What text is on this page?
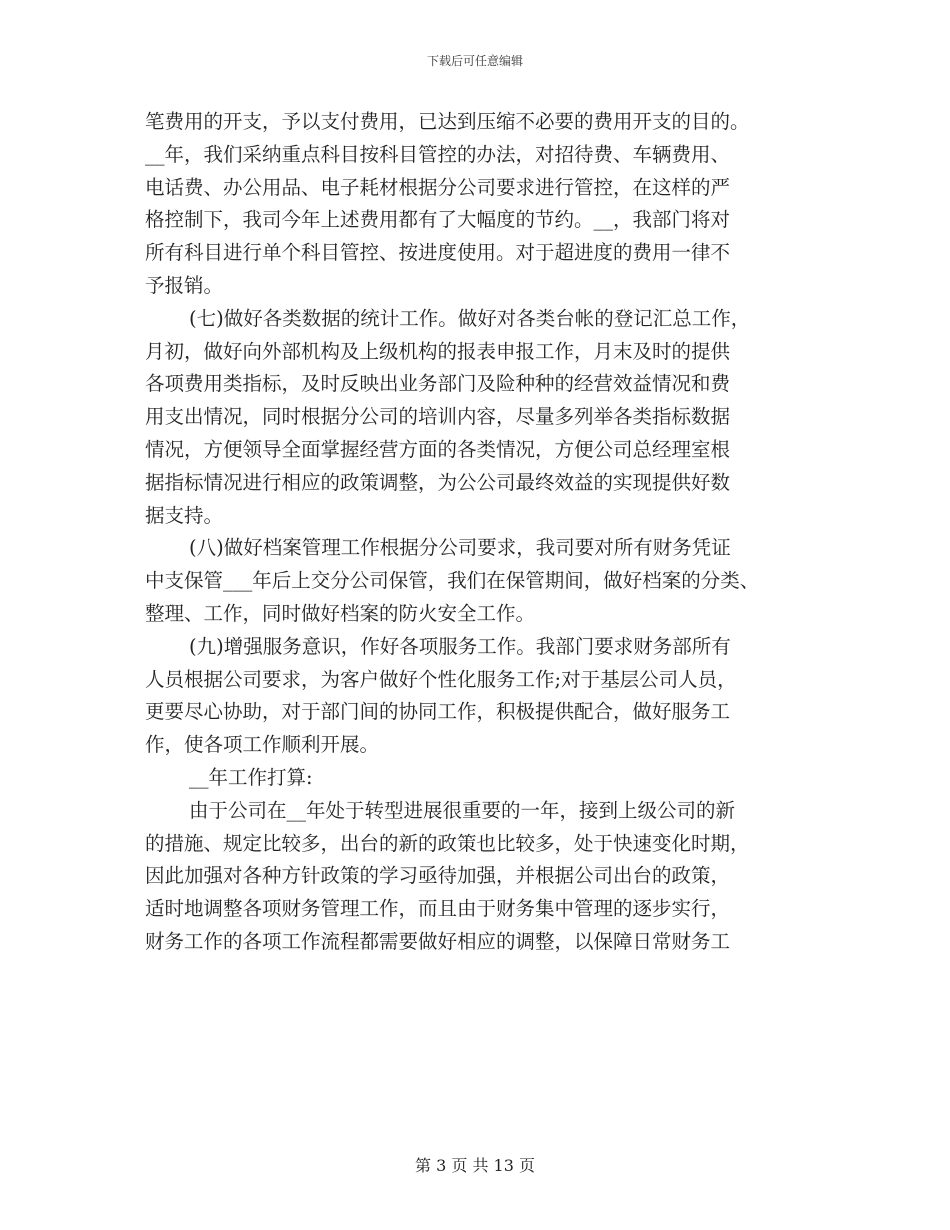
下载后可任意编辑
笔费用的开支，予以支付费用，已达到压缩不必要的费用开支的目的。
__年，我们采纳重点科目按科目管控的办法，对招待费、车辆费用、
电话费、办公用品、电子耗材根据分公司要求进行管控，在这样的严
格控制下，我司今年上述费用都有了大幅度的节约。__，我部门将对
所有科目进行单个科目管控、按进度使用。对于超进度的费用一律不
予报销。
(七)做好各类数据的统计工作。做好对各类台帐的登记汇总工作，
月初，做好向外部机构及上级机构的报表申报工作，月末及时的提供
各项费用类指标，及时反映出业务部门及险种种的经营效益情况和费
用支出情况，同时根据分公司的培训内容，尽量多列举各类指标数据
情况，方便领导全面掌握经营方面的各类情况，方便公司总经理室根
据指标情况进行相应的政策调整，为公公司最终效益的实现提供好数
据支持。
(八)做好档案管理工作根据分公司要求，我司要对所有财务凭证
中支保管___年后上交分公司保管，我们在保管期间，做好档案的分类、
整理、工作，同时做好档案的防火安全工作。
(九)增强服务意识，作好各项服务工作。我部门要求财务部所有
人员根据公司要求，为客户做好个性化服务工作;对于基层公司人员，
更要尽心协助，对于部门间的协同工作，积极提供配合，做好服务工
作，使各项工作顺利开展。
__年工作打算:
由于公司在__年处于转型进展很重要的一年，接到上级公司的新
的措施、规定比较多，出台的新的政策也比较多，处于快速变化时期，
因此加强对各种方针政策的学习亟待加强，并根据公司出台的政策，
适时地调整各项财务管理工作，而且由于财务集中管理的逐步实行，
财务工作的各项工作流程都需要做好相应的调整，以保障日常财务工
第 3 页 共 13 页
